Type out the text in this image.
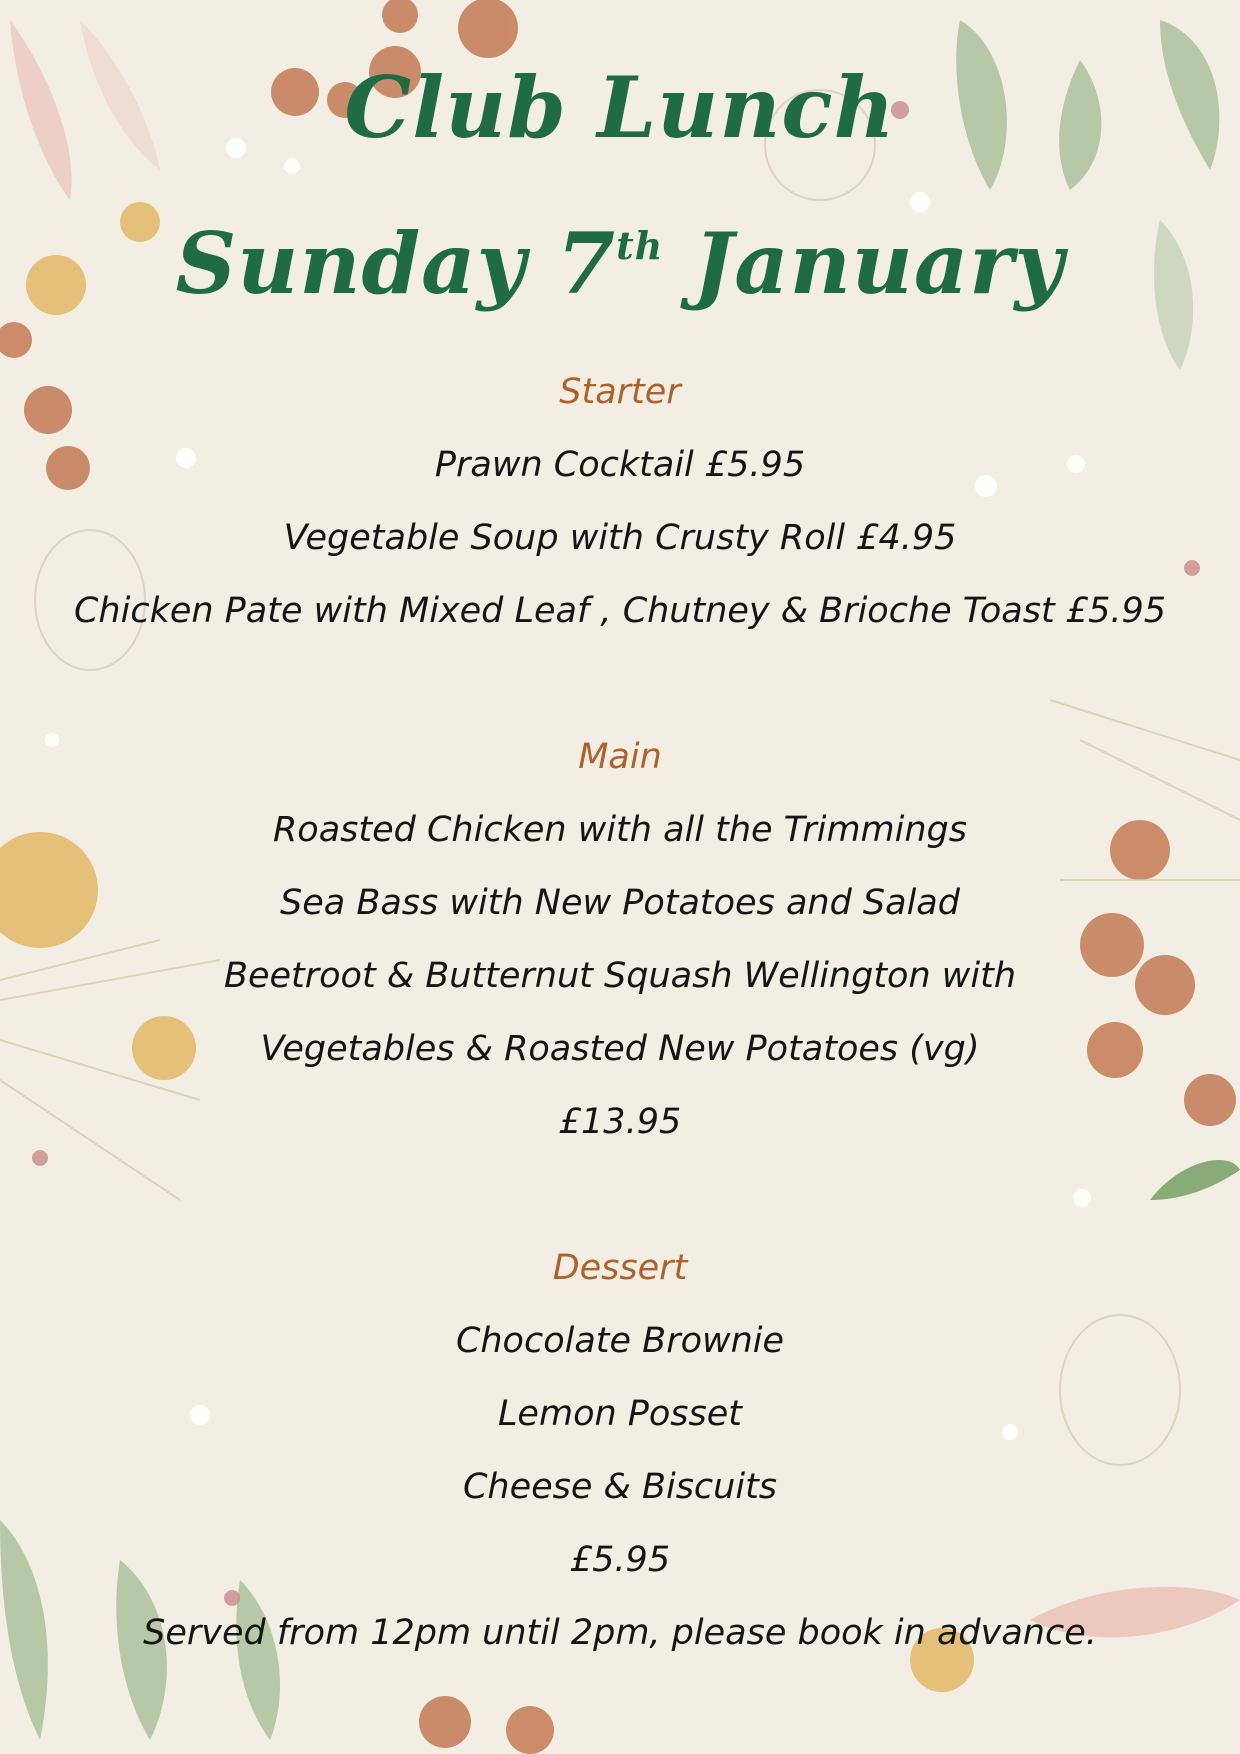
Club Lunch
Sunday 7th January
Starter
Prawn Cocktail £5.95
Vegetable Soup with Crusty Roll £4.95
Chicken Pate with Mixed Leaf , Chutney & Brioche Toast £5.95
Main
Roasted Chicken with all the Trimmings
Sea Bass with New Potatoes and Salad
Beetroot & Butternut Squash Wellington with
Vegetables & Roasted New Potatoes (vg)
£13.95
Dessert
Chocolate Brownie
Lemon Posset
Cheese & Biscuits
£5.95
Served from 12pm until 2pm, please book in advance.
